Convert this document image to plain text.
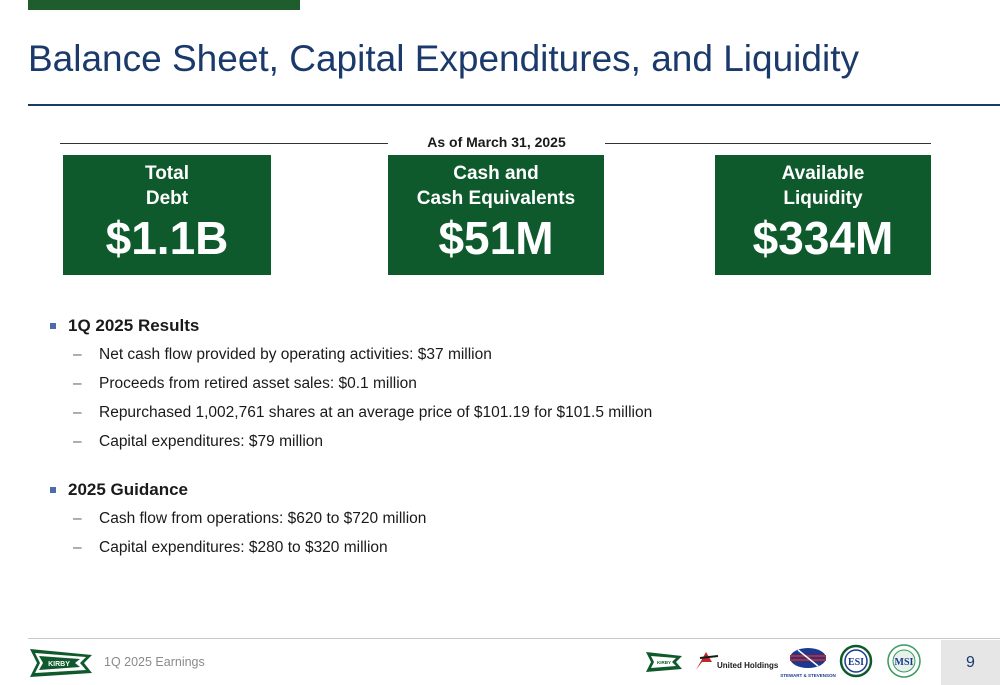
Balance Sheet, Capital Expenditures, and Liquidity
As of March 31, 2025
Total
Debt
$1.1B
Cash and
Cash Equivalents
$51M
Available
Liquidity
$334M
1Q 2025 Results
–	Net cash flow provided by operating activities: $37 million
–	Proceeds from retired asset sales: $0.1 million
–	Repurchased 1,002,761 shares at an average price of $101.19 for $101.5 million
–	Capital expenditures: $79 million
2025 Guidance
–	Cash flow from operations: $620 to $720 million
–	Capital expenditures: $280 to $320 million
KIRBY	1Q 2025 Earnings	KIRBY	United Holdings
STEWART & STEVENSON
ESI	MSI	9
